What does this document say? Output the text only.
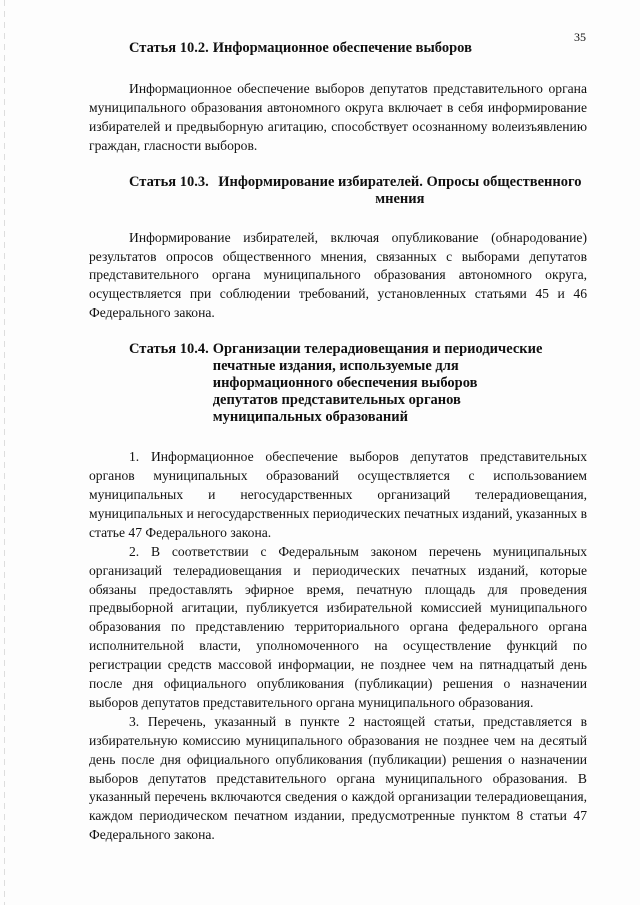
35
Статья 10.2. Информационное обеспечение выборов

Информационное обеспечение выборов депутатов представительного органа муниципального образования автономного округа включает в себя информирование избирателей и предвыборную агитацию, способствует осознанному волеизъявлению граждан, гласности выборов.

Статья 10.3. Информирование избирателей. Опросы общественного мнения

Информирование избирателей, включая опубликование (обнародование) результатов опросов общественного мнения, связанных с выборами депутатов представительного органа муниципального образования автономного округа, осуществляется при соблюдении требований, установленных статьями 45 и 46 Федерального закона.

Статья 10.4. Организации телерадиовещания и периодические печатные издания, используемые для информационного обеспечения выборов депутатов представительных органов муниципальных образований

1. Информационное обеспечение выборов депутатов представительных органов муниципальных образований осуществляется с использованием муниципальных и негосударственных организаций телерадиовещания, муниципальных и негосударственных периодических печатных изданий, указанных в статье 47 Федерального закона.

2. В соответствии с Федеральным законом перечень муниципальных организаций телерадиовещания и периодических печатных изданий, которые обязаны предоставлять эфирное время, печатную площадь для проведения предвыборной агитации, публикуется избирательной комиссией муниципального образования по представлению территориального органа федерального органа исполнительной власти, уполномоченного на осуществление функций по регистрации средств массовой информации, не позднее чем на пятнадцатый день после дня официального опубликования (публикации) решения о назначении выборов депутатов представительного органа муниципального образования.

3. Перечень, указанный в пункте 2 настоящей статьи, представляется в избирательную комиссию муниципального образования не позднее чем на десятый день после дня официального опубликования (публикации) решения о назначении выборов депутатов представительного органа муниципального образования. В указанный перечень включаются сведения о каждой организации телерадиовещания, каждом периодическом печатном издании, предусмотренные пунктом 8 статьи 47 Федерального закона.
